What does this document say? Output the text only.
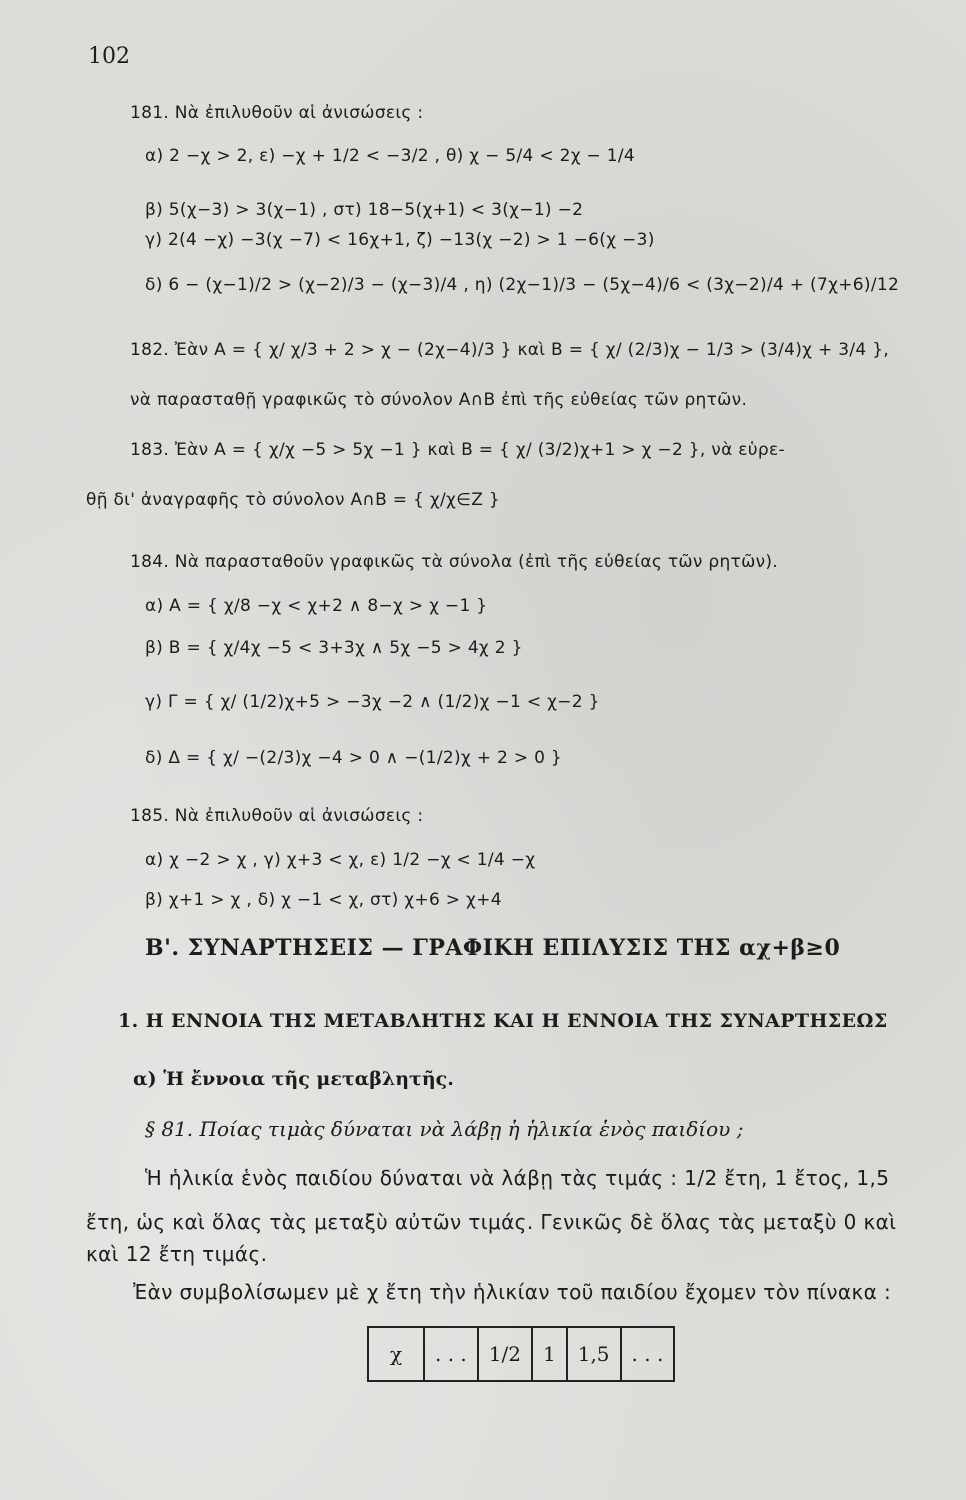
102
181. Νὰ ἐπιλυθοῦν αἱ ἀνισώσεις :
α) 2 −χ > 2, ε) −χ + 1/2 < −3/2 , θ) χ − 5/4 < 2χ − 1/4
β) 5(χ−3) > 3(χ−1) , στ) 18−5(χ+1) < 3(χ−1) −2
γ) 2(4 −χ) −3(χ −7) < 16χ+1, ζ) −13(χ −2) > 1 −6(χ −3)
δ) 6 − (χ−1)/2 > (χ−2)/3 − (χ−3)/4 , η) (2χ−1)/3 − (5χ−4)/6 < (3χ−2)/4 + (7χ+6)/12
182. Ἐὰν Α = { χ/ χ/3 + 2 > χ − (2χ−4)/3 } καὶ Β = { χ/ (2/3)χ − 1/3 > (3/4)χ + 3/4 },
νὰ παρασταθῇ γραφικῶς τὸ σύνολον Α∩Β ἐπὶ τῆς εὐθείας τῶν ρητῶν.
183. Ἐὰν Α = { χ/χ −5 > 5χ −1 } καὶ Β = { χ/ (3/2)χ+1 > χ −2 }, νὰ εὑρε-
θῇ δι' ἀναγραφῆς τὸ σύνολον Α∩Β = { χ/χ∈Ζ }
184. Νὰ παρασταθοῦν γραφικῶς τὰ σύνολα (ἐπὶ τῆς εὐθείας τῶν ρητῶν).
α) Α = { χ/8 −χ < χ+2 ∧ 8−χ > χ −1 }
β) Β = { χ/4χ −5 < 3+3χ ∧ 5χ −5 > 4χ 2 }
γ) Γ = { χ/ (1/2)χ+5 > −3χ −2 ∧ (1/2)χ −1 < χ−2 }
δ) Δ = { χ/ −(2/3)χ −4 > 0 ∧ −(1/2)χ + 2 > 0 }
185. Νὰ ἐπιλυθοῦν αἱ ἀνισώσεις :
α) χ −2 > χ , γ) χ+3 < χ, ε) 1/2 −χ < 1/4 −χ
β) χ+1 > χ , δ) χ −1 < χ, στ) χ+6 > χ+4
Β'. ΣΥΝΑΡΤΗΣΕΙΣ — ΓΡΑΦΙΚΗ ΕΠΙΛΥΣΙΣ ΤΗΣ αχ+β≥0
1. Η ΕΝΝΟΙΑ ΤΗΣ ΜΕΤΑΒΛΗΤΗΣ ΚΑΙ Η ΕΝΝΟΙΑ ΤΗΣ ΣΥΝΑΡΤΗΣΕΩΣ
α) Ἡ ἔννοια τῆς μεταβλητῆς.
§ 81. Ποίας τιμὰς δύναται νὰ λάβῃ ἡ ἡλικία ἑνὸς παιδίου ;
Ἡ ἡλικία ἑνὸς παιδίου δύναται νὰ λάβῃ τὰς τιμάς : 1/2 ἔτη, 1 ἔτος, 1,5
ἔτη, ὡς καὶ ὅλας τὰς μεταξὺ αὐτῶν τιμάς. Γενικῶς δὲ ὅλας τὰς μεταξὺ 0 καὶ
καὶ 12 ἔτη τιμάς.
Ἐὰν συμβολίσωμεν μὲ χ ἔτη τὴν ἡλικίαν τοῦ παιδίου ἔχομεν τὸν πίνακα :
χ	. . .	1/2	1	1,5	. . .
